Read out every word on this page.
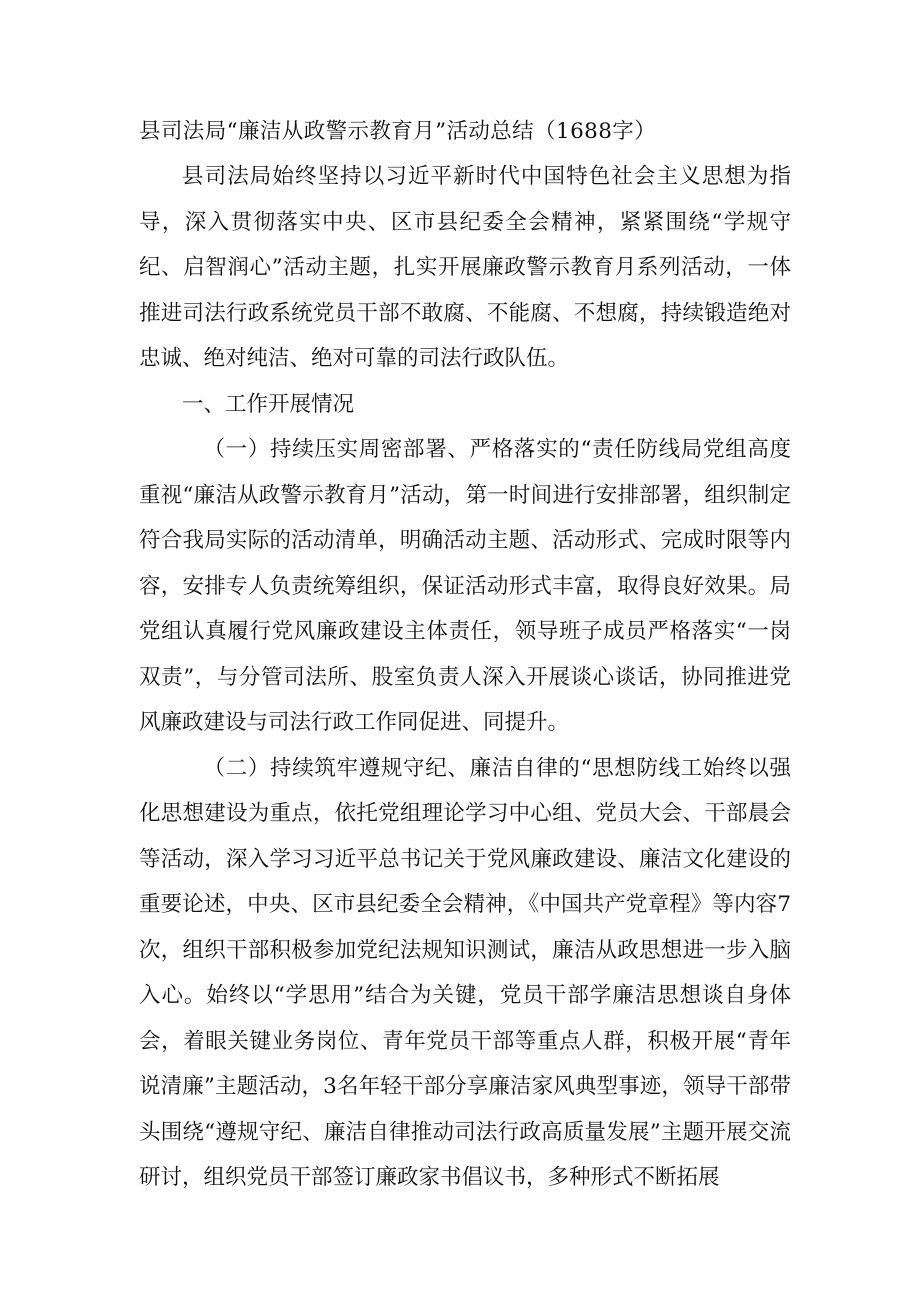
县司法局“廉洁从政警示教育月”活动总结（1688字）

县司法局始终坚持以习近平新时代中国特色社会主义思想为指导，深入贯彻落实中央、区市县纪委全会精神，紧紧围绕“学规守纪、启智润心”活动主题，扎实开展廉政警示教育月系列活动，一体推进司法行政系统党员干部不敢腐、不能腐、不想腐，持续锻造绝对忠诚、绝对纯洁、绝对可靠的司法行政队伍。

一、工作开展情况

（一）持续压实周密部署、严格落实的“责任防线局党组高度重视“廉洁从政警示教育月”活动，第一时间进行安排部署，组织制定符合我局实际的活动清单，明确活动主题、活动形式、完成时限等内容，安排专人负责统筹组织，保证活动形式丰富，取得良好效果。局党组认真履行党风廉政建设主体责任，领导班子成员严格落实“一岗双责”，与分管司法所、股室负责人深入开展谈心谈话，协同推进党风廉政建设与司法行政工作同促进、同提升。

（二）持续筑牢遵规守纪、廉洁自律的“思想防线工始终以强化思想建设为重点，依托党组理论学习中心组、党员大会、干部晨会等活动，深入学习习近平总书记关于党风廉政建设、廉洁文化建设的重要论述，中央、区市县纪委全会精神，《中国共产党章程》等内容7次，组织干部积极参加党纪法规知识测试，廉洁从政思想进一步入脑入心。始终以“学思用”结合为关键，党员干部学廉洁思想谈自身体会，着眼关键业务岗位、青年党员干部等重点人群，积极开展“青年说清廉”主题活动，3名年轻干部分享廉洁家风典型事迹，领导干部带头围绕“遵规守纪、廉洁自律推动司法行政高质量发展”主题开展交流研讨，组织党员干部签订廉政家书倡议书，多种形式不断拓展
